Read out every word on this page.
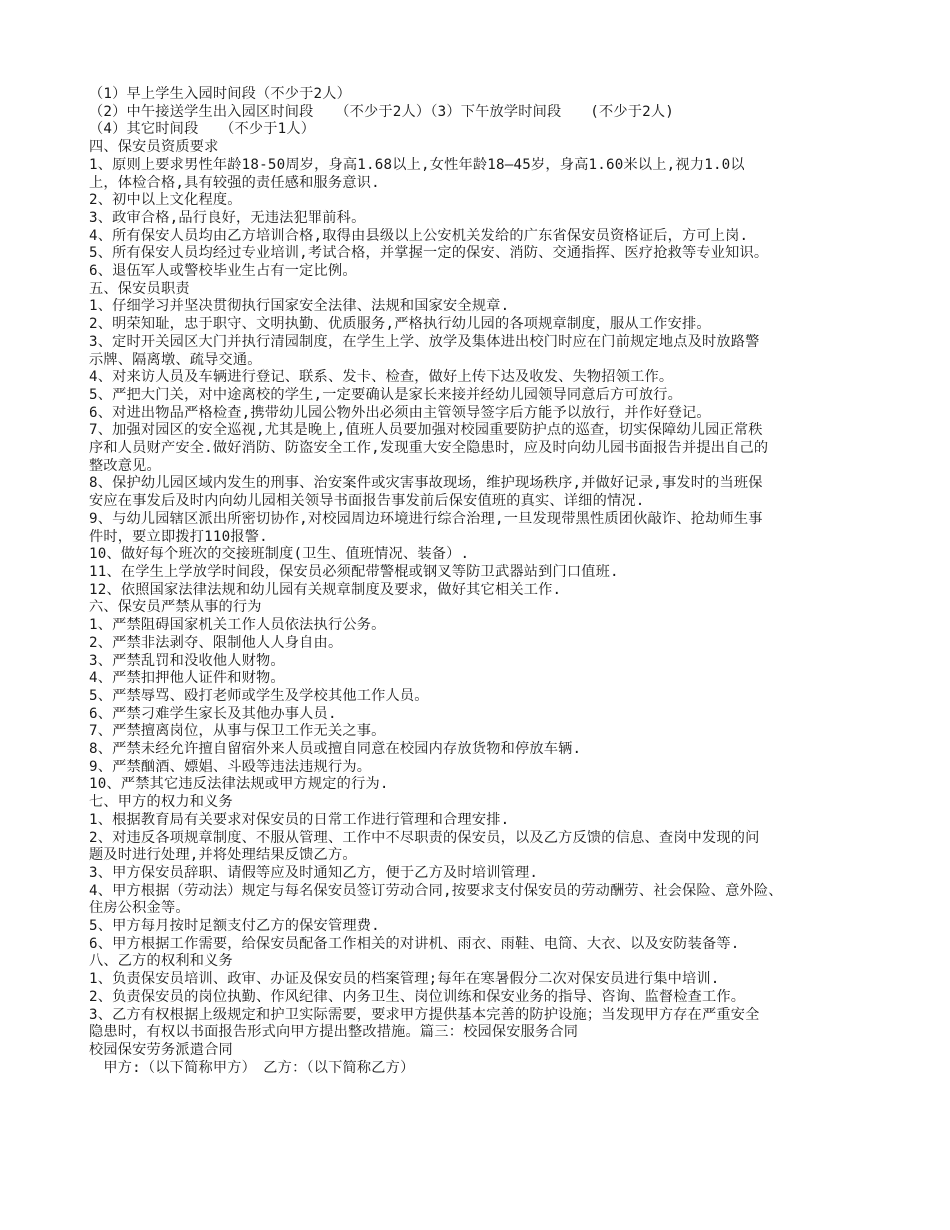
（1）早上学生入园时间段（不少于2人）
（2）中午接送学生出入园区时间段　　（不少于2人）（3）下午放学时间段　　(不少于2人)
（4）其它时间段　　（不少于1人）
四、保安员资质要求
1、原则上要求男性年龄18-50周岁，身高1.68以上,女性年龄18—45岁，身高1.60米以上,视力1.0以
上，体检合格,具有较强的责任感和服务意识.
2、初中以上文化程度。
3、政审合格,品行良好，无违法犯罪前科。
4、所有保安人员均由乙方培训合格,取得由县级以上公安机关发给的广东省保安员资格证后，方可上岗.
5、所有保安人员均经过专业培训,考试合格，并掌握一定的保安、消防、交通指挥、医疗抢救等专业知识。
6、退伍军人或警校毕业生占有一定比例。
五、保安员职责
1、仔细学习并坚决贯彻执行国家安全法律、法规和国家安全规章.
2、明荣知耻，忠于职守、文明执勤、优质服务,严格执行幼儿园的各项规章制度，服从工作安排。
3、定时开关园区大门并执行清园制度，在学生上学、放学及集体进出校门时应在门前规定地点及时放路警
示牌、隔离墩、疏导交通。
4、对来访人员及车辆进行登记、联系、发卡、检查，做好上传下达及收发、失物招领工作。
5、严把大门关，对中途离校的学生,一定要确认是家长来接并经幼儿园领导同意后方可放行。
6、对进出物品严格检查,携带幼儿园公物外出必须由主管领导签字后方能予以放行，并作好登记。
7、加强对园区的安全巡视,尤其是晚上,值班人员要加强对校园重要防护点的巡查，切实保障幼儿园正常秩
序和人员财产安全.做好消防、防盗安全工作,发现重大安全隐患时，应及时向幼儿园书面报告并提出自己的
整改意见。
8、保护幼儿园区域内发生的刑事、治安案件或灾害事故现场，维护现场秩序,并做好记录,事发时的当班保
安应在事发后及时内向幼儿园相关领导书面报告事发前后保安值班的真实、详细的情况.
9、与幼儿园辖区派出所密切协作,对校园周边环境进行综合治理,一旦发现带黑性质团伙敲诈、抢劫师生事
件时，要立即拨打110报警.
10、做好每个班次的交接班制度(卫生、值班情况、装备）.
11、在学生上学放学时间段，保安员必须配带警棍或钢叉等防卫武器站到门口值班.
12、依照国家法律法规和幼儿园有关规章制度及要求，做好其它相关工作.
六、保安员严禁从事的行为
1、严禁阻碍国家机关工作人员依法执行公务。
2、严禁非法剥夺、限制他人人身自由。
3、严禁乱罚和没收他人财物。
4、严禁扣押他人证件和财物。
5、严禁辱骂、殴打老师或学生及学校其他工作人员。
6、严禁刁难学生家长及其他办事人员.
7、严禁擅离岗位，从事与保卫工作无关之事。
8、严禁未经允许擅自留宿外来人员或擅自同意在校园内存放货物和停放车辆.
9、严禁酗酒、嫖娼、斗殴等违法违规行为。
10、严禁其它违反法律法规或甲方规定的行为.
七、甲方的权力和义务
1、根据教育局有关要求对保安员的日常工作进行管理和合理安排.
2、对违反各项规章制度、不服从管理、工作中不尽职责的保安员，以及乙方反馈的信息、查岗中发现的问
题及时进行处理,并将处理结果反馈乙方。
3、甲方保安员辞职、请假等应及时通知乙方，便于乙方及时培训管理.
4、甲方根据（劳动法）规定与每名保安员签订劳动合同,按要求支付保安员的劳动酬劳、社会保险、意外险、
住房公积金等。
5、甲方每月按时足额支付乙方的保安管理费.
6、甲方根据工作需要，给保安员配备工作相关的对讲机、雨衣、雨鞋、电筒、大衣、以及安防装备等.
八、乙方的权利和义务
1、负责保安员培训、政审、办证及保安员的档案管理;每年在寒暑假分二次对保安员进行集中培训.
2、负责保安员的岗位执勤、作风纪律、内务卫生、岗位训练和保安业务的指导、咨询、监督检查工作。
3、乙方有权根据上级规定和护卫实际需要，要求甲方提供基本完善的防护设施；当发现甲方存在严重安全
隐患时，有权以书面报告形式向甲方提出整改措施。篇三：校园保安服务合同
校园保安劳务派遣合同
　甲方:（以下简称甲方）　乙方：（以下简称乙方）
